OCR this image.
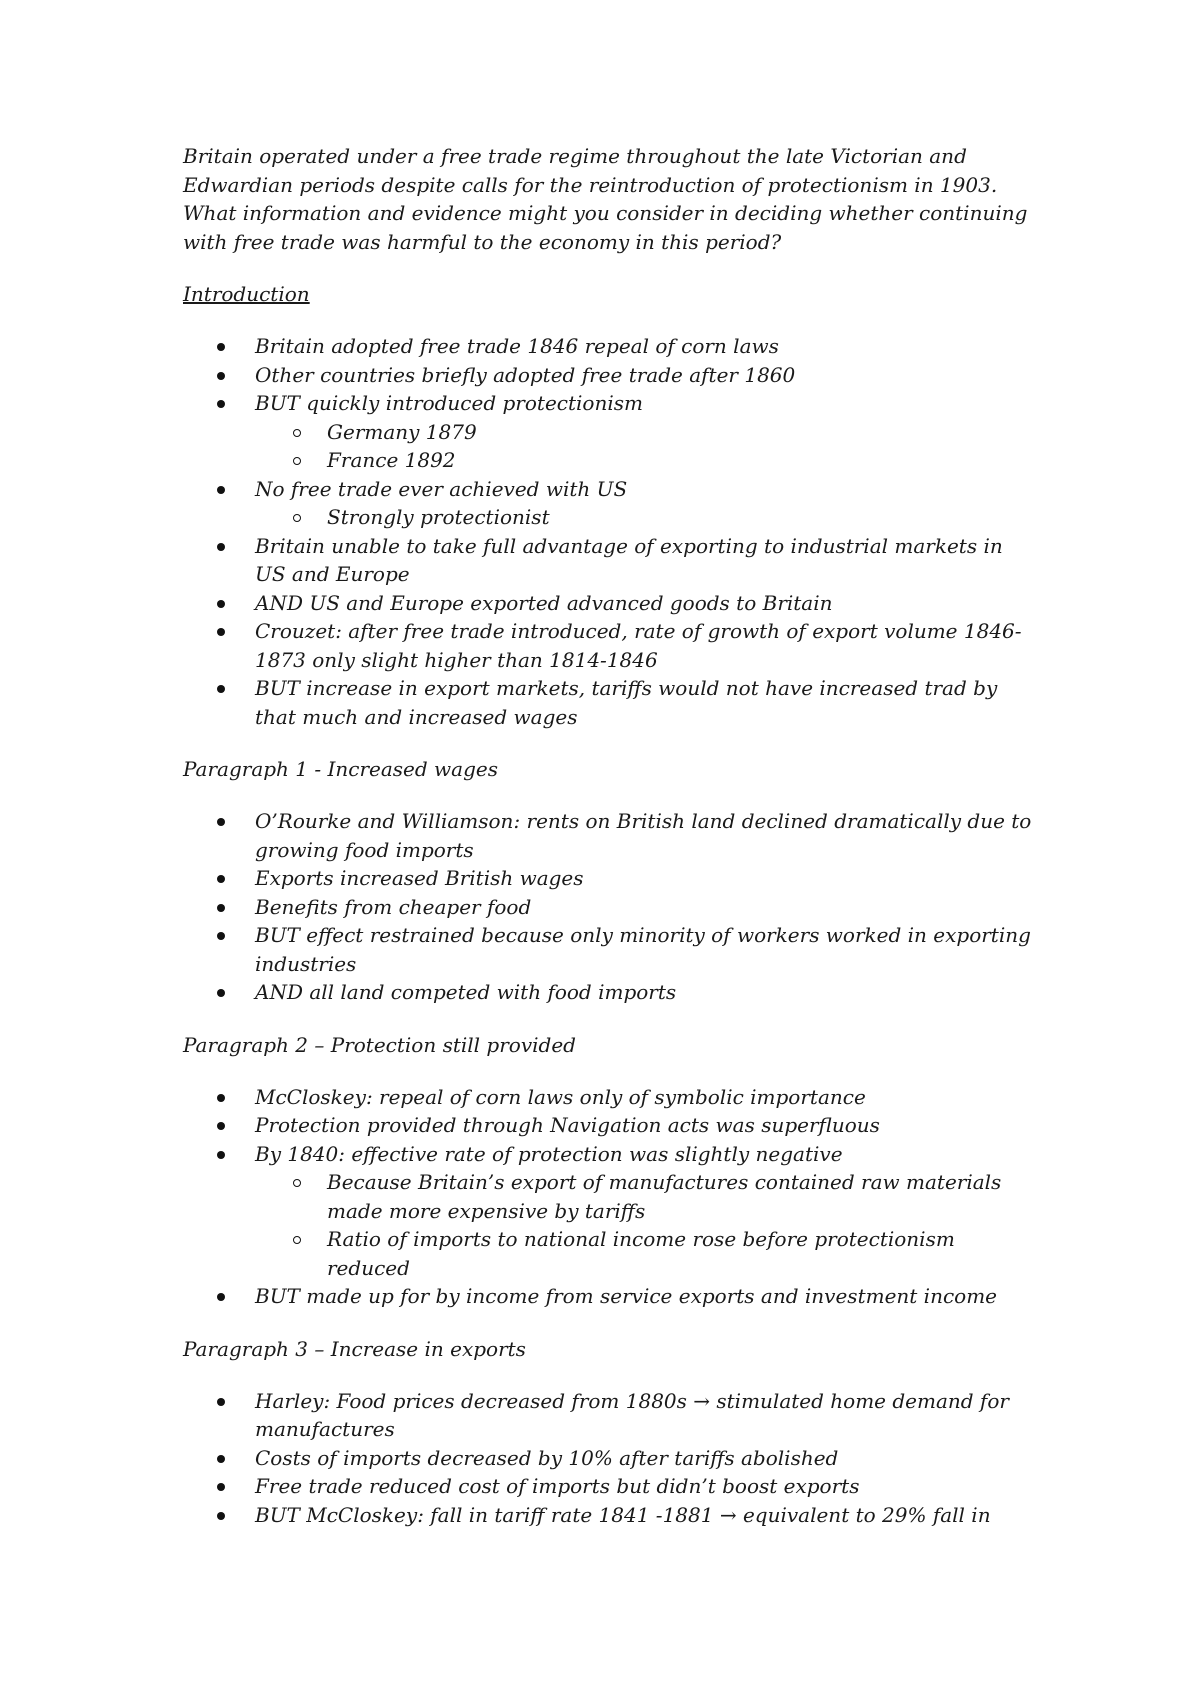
Britain operated under a free trade regime throughout the late Victorian and

Edwardian periods despite calls for the reintroduction of protectionism in 1903.

What information and evidence might you consider in deciding whether continuing

with free trade was harmful to the economy in this period?

Introduction
Britain adopted free trade 1846 repeal of corn laws
Other countries briefly adopted free trade after 1860
BUT quickly introduced protectionism
Germany 1879
France 1892
No free trade ever achieved with US
Strongly protectionist
Britain unable to take full advantage of exporting to industrial markets in
US and Europe
AND US and Europe exported advanced goods to Britain
Crouzet: after free trade introduced, rate of growth of export volume 1846-
1873 only slight higher than 1814-1846
BUT increase in export markets, tariffs would not have increased trad by
that much and increased wages
Paragraph 1 - Increased wages
O’Rourke and Williamson: rents on British land declined dramatically due to
growing food imports
Exports increased British wages
Benefits from cheaper food
BUT effect restrained because only minority of workers worked in exporting
industries
AND all land competed with food imports
Paragraph 2 – Protection still provided
McCloskey: repeal of corn laws only of symbolic importance
Protection provided through Navigation acts was superfluous
By 1840: effective rate of protection was slightly negative
Because Britain’s export of manufactures contained raw materials
made more expensive by tariffs
Ratio of imports to national income rose before protectionism
reduced
BUT made up for by income from service exports and investment income
Paragraph 3 – Increase in exports
Harley: Food prices decreased from 1880s → stimulated home demand for
manufactures
Costs of imports decreased by 10% after tariffs abolished
Free trade reduced cost of imports but didn’t boost exports
BUT McCloskey: fall in tariff rate 1841 -1881 → equivalent to 29% fall in
